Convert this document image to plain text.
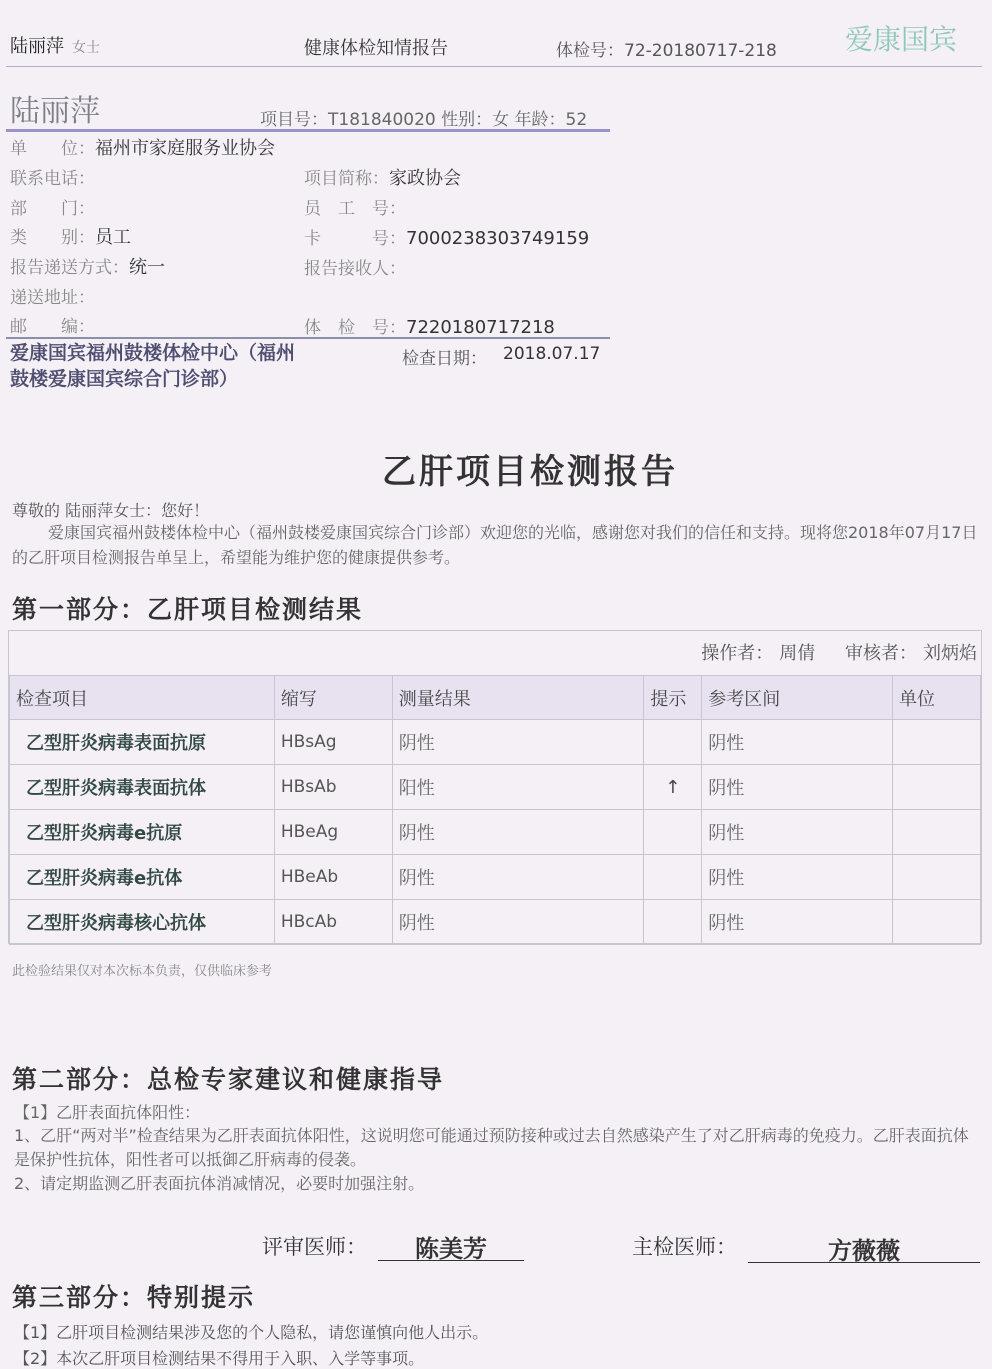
陆丽萍 女士	健康体检知情报告	体检号：72-20180717-218 爱康国宾
陆丽萍	项目号：T181840020 性别：女 年龄：52
单　　位：福州市家庭服务业协会
联系电话：	项目简称：家政协会
部　　门：	员　工　号：
类　　别：员工	卡　　　号：7000238303749159
报告递送方式：统一	报告接收人：
递送地址：
邮　　编：	体　检　号：7220180717218
爱康国宾福州鼓楼体检中心（福州鼓楼爱康国宾综合门诊部）
检查日期： 2018.07.17
乙肝项目检测报告
尊敬的 陆丽萍女士：您好！
爱康国宾福州鼓楼体检中心（福州鼓楼爱康国宾综合门诊部）欢迎您的光临，感谢您对我们的信任和支持。现将您2018年07月17日的乙肝项目检测报告单呈上，希望能为维护您的健康提供参考。
第一部分：乙肝项目检测结果
操作者： 周倩 审核者： 刘炳焰
检查项目	缩写	测量结果	提示	参考区间	单位
乙型肝炎病毒表面抗原	HBsAg	阴性		阴性	
乙型肝炎病毒表面抗体	HBsAb	阳性	↑	阴性	
乙型肝炎病毒e抗原	HBeAg	阴性		阴性	
乙型肝炎病毒e抗体	HBeAb	阴性		阴性	
乙型肝炎病毒核心抗体	HBcAb	阴性		阴性	
此检验结果仅对本次标本负责，仅供临床参考
第二部分：总检专家建议和健康指导
【1】乙肝表面抗体阳性：
1、乙肝“两对半”检查结果为乙肝表面抗体阳性，这说明您可能通过预防接种或过去自然感染产生了对乙肝病毒的免疫力。乙肝表面抗体是保护性抗体，阳性者可以抵御乙肝病毒的侵袭。
2、请定期监测乙肝表面抗体消减情况，必要时加强注射。
评审医师：	陈美芳	主检医师：	方薇薇
第三部分：特别提示
【1】乙肝项目检测结果涉及您的个人隐私，请您谨慎向他人出示。
【2】本次乙肝项目检测结果不得用于入职、入学等事项。
